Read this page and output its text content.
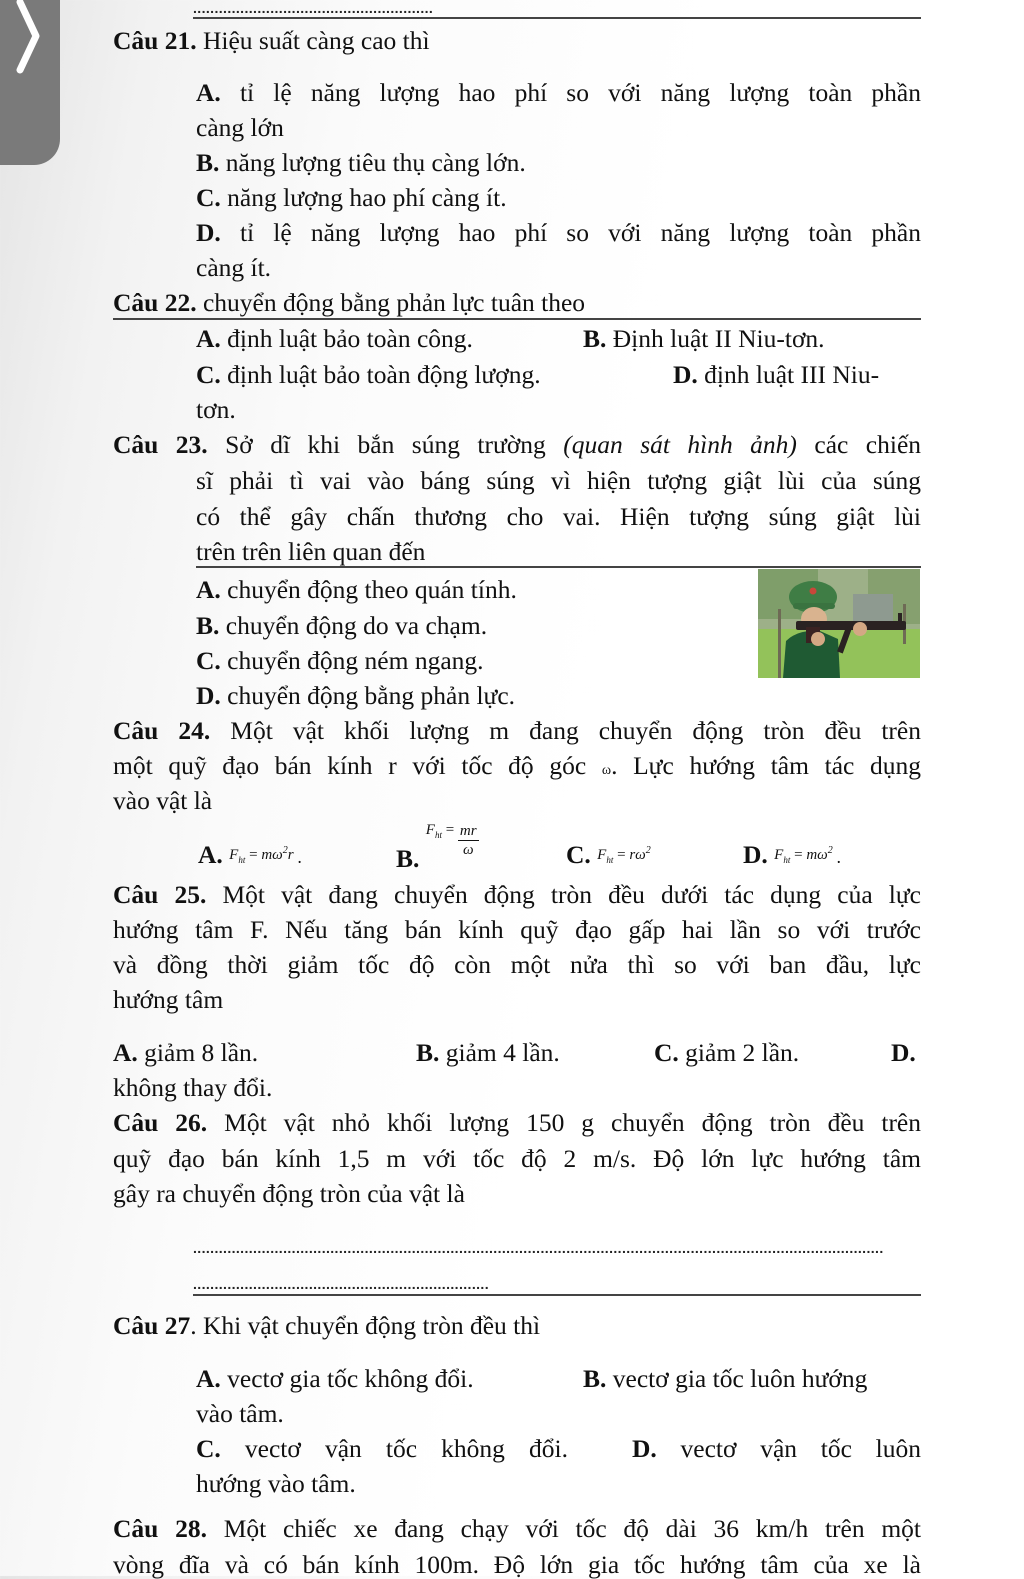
........................................................
Câu 21. Hiệu suất càng cao thì
A. tỉ lệ năng lượng hao phí so với năng lượng toàn phần
càng lớn
B. năng lượng tiêu thụ càng lớn.
C. năng lượng hao phí càng ít.
D. tỉ lệ năng lượng hao phí so với năng lượng toàn phần
càng ít.
Câu 22. chuyển động bằng phản lực tuân theo
A. định luật bảo toàn công.	B. Định luật II Niu-tơn.
C. định luật bảo toàn động lượng.	D. định luật III Niu-
tơn.
Câu 23. Sở dĩ khi bắn súng trường (quan sát hình ảnh) các chiến
sĩ phải tì vai vào báng súng vì hiện tượng giật lùi của súng
có thể gây chấn thương cho vai. Hiện tượng súng giật lùi
trên trên liên quan đến
A. chuyển động theo quán tính.
B. chuyển động do va chạm.
C. chuyển động ném ngang.
D. chuyển động bằng phản lực.
Câu 24. Một vật khối lượng m đang chuyển động tròn đều trên
một quỹ đạo bán kính r với tốc độ góc ω. Lực hướng tâm tác dụng
vào vật là
A. $F_{ht} = m\omega^2r$ .	B. $^{F_{ht} =} \frac{mr}{\omega}$	C. $F_{ht} = r\omega^2$	D. $F_{ht} = m\omega^2$ .
Câu 25. Một vật đang chuyển động tròn đều dưới tác dụng của lực
hướng tâm F. Nếu tăng bán kính quỹ đạo gấp hai lần so với trước
và đồng thời giảm tốc độ còn một nửa thì so với ban đầu, lực
hướng tâm
A. giảm 8 lần.	B. giảm 4 lần.	C. giảm 2 lần.	D.
không thay đổi.
Câu 26. Một vật nhỏ khối lượng 150 g chuyển động tròn đều trên
quỹ đạo bán kính 1,5 m với tốc độ 2 m/s. Độ lớn lực hướng tâm
gây ra chuyển động tròn của vật là
.................................................................................................................................................................
.....................................................................
Câu 27. Khi vật chuyển động tròn đều thì
A. vectơ gia tốc không đổi.	B. vectơ gia tốc luôn hướng
vào tâm.
C. vectơ vận tốc không đổi.	D. vectơ vận tốc luôn
hướng vào tâm.
Câu 28. Một chiếc xe đang chạy với tốc độ dài 36 km/h trên một
vòng đĩa và có bán kính 100m. Độ lớn gia tốc hướng tâm của xe là
